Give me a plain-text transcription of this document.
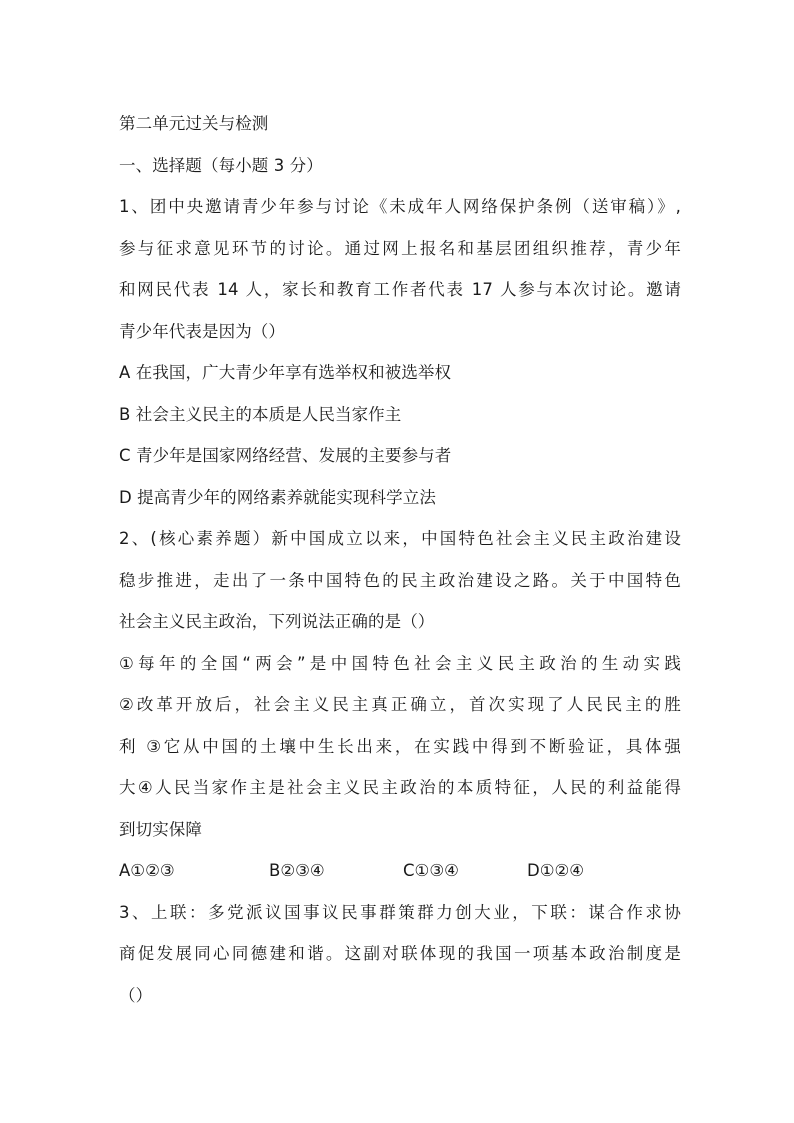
第二单元过关与检测
一、选择题（每小题 3 分）
1、团中央邀请青少年参与讨论《未成年人网络保护条例（送审稿）》,
参与征求意见环节的讨论。通过网上报名和基层团组织推荐，青少年
和网民代表 14 人，家长和教育工作者代表 17 人参与本次讨论。邀请
青少年代表是因为（）
A 在我国，广大青少年享有选举权和被选举权
B 社会主义民主的本质是人民当家作主
C 青少年是国家网络经营、发展的主要参与者
D 提高青少年的网络素养就能实现科学立法
2、(核心素养题）新中国成立以来，中国特色社会主义民主政治建设
稳步推进，走出了一条中国特色的民主政治建设之路。关于中国特色
社会主义民主政治，下列说法正确的是（）
①每年的全国“两会”是中国特色社会主义民主政治的生动实践
②改革开放后，社会主义民主真正确立，首次实现了人民民主的胜
利 ③它从中国的土壤中生长出来，在实践中得到不断验证，具体强
大④人民当家作主是社会主义民主政治的本质特征，人民的利益能得
到切实保障
A①②③	B②③④	C①③④	D①②④
3、上联：多党派议国事议民事群策群力创大业，下联：谋合作求协
商促发展同心同德建和谐。这副对联体现的我国一项基本政治制度是
（）
